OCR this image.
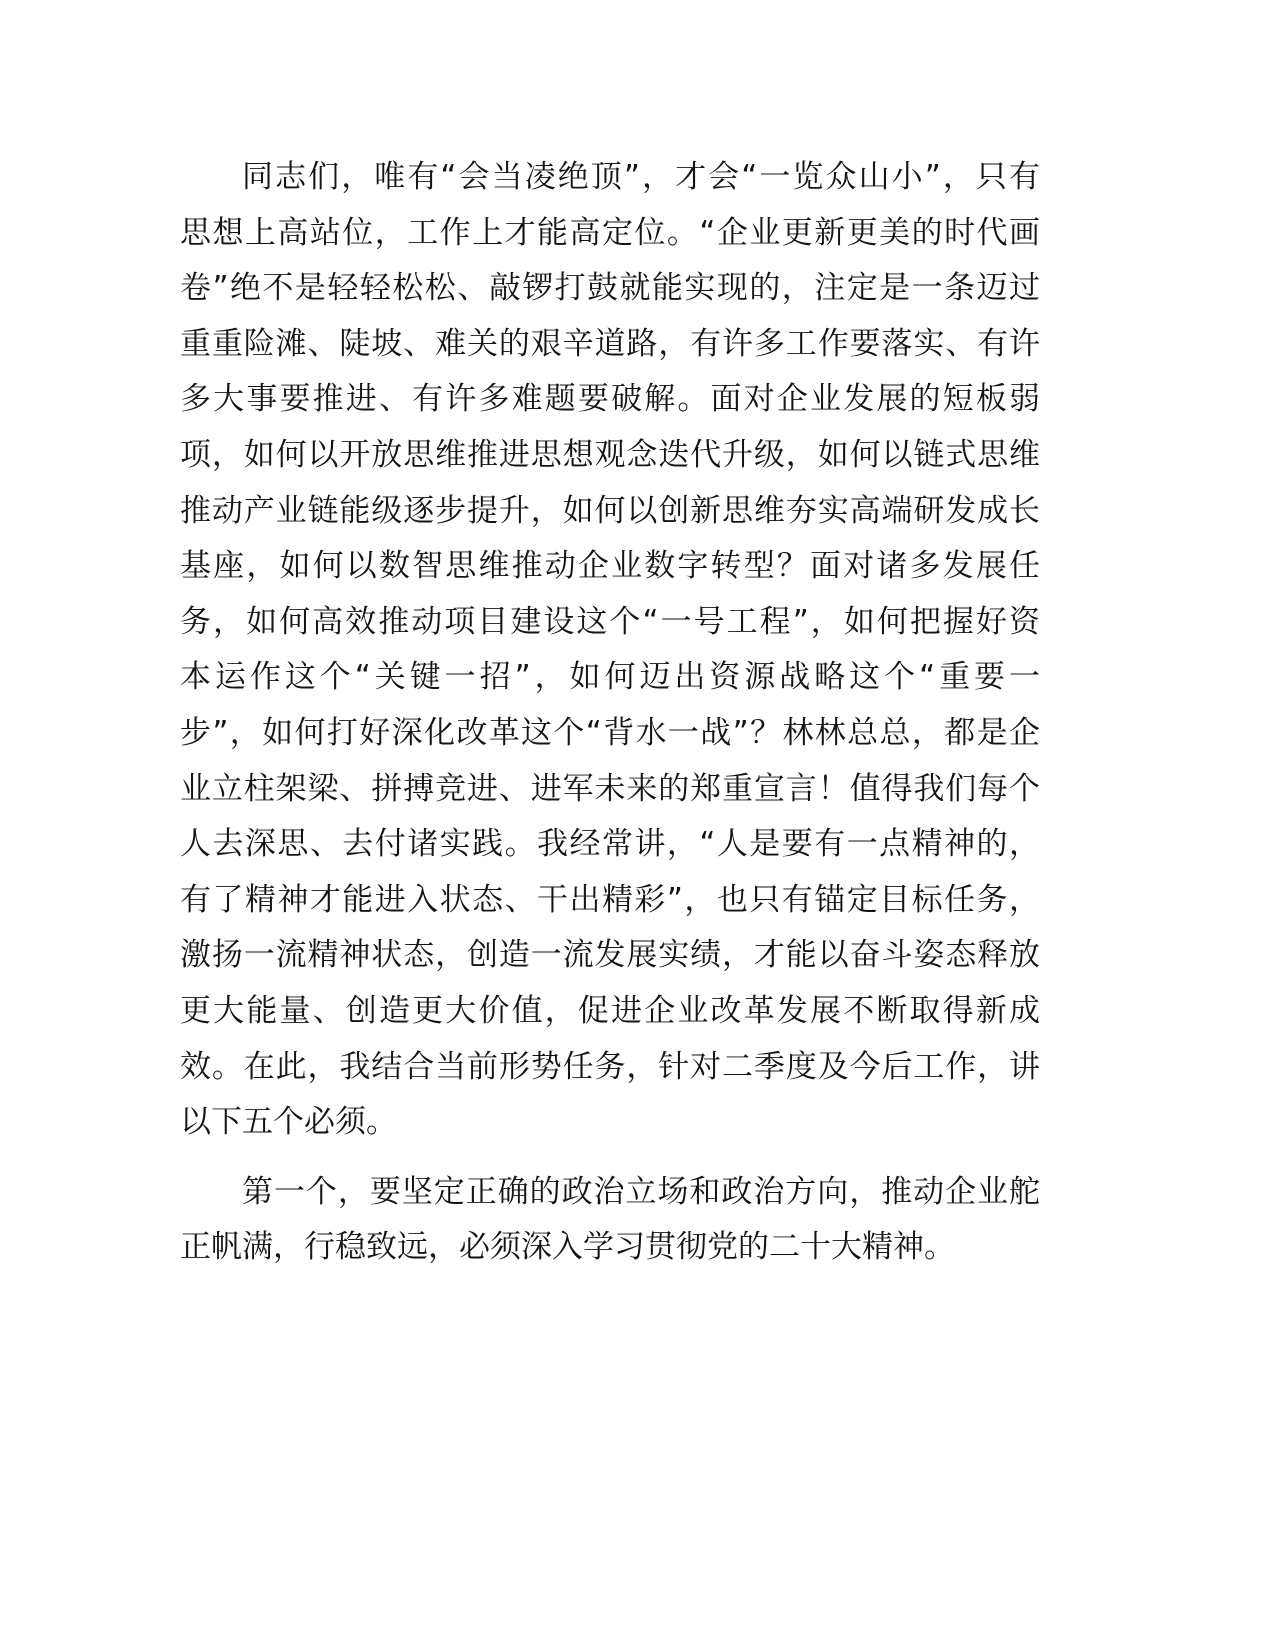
同志们，唯有“会当凌绝顶”，才会“一览众山小”，只有
思想上高站位，工作上才能高定位。“企业更新更美的时代画
卷”绝不是轻轻松松、敲锣打鼓就能实现的，注定是一条迈过
重重险滩、陡坡、难关的艰辛道路，有许多工作要落实、有许
多大事要推进、有许多难题要破解。面对企业发展的短板弱
项，如何以开放思维推进思想观念迭代升级，如何以链式思维
推动产业链能级逐步提升，如何以创新思维夯实高端研发成长
基座，如何以数智思维推动企业数字转型？面对诸多发展任
务，如何高效推动项目建设这个“一号工程”，如何把握好资
本运作这个“关键一招”，如何迈出资源战略这个“重要一
步”，如何打好深化改革这个“背水一战”？林林总总，都是企
业立柱架梁、拼搏竞进、进军未来的郑重宣言！值得我们每个
人去深思、去付诸实践。我经常讲，“人是要有一点精神的，
有了精神才能进入状态、干出精彩”，也只有锚定目标任务，
激扬一流精神状态，创造一流发展实绩，才能以奋斗姿态释放
更大能量、创造更大价值，促进企业改革发展不断取得新成
效。在此，我结合当前形势任务，针对二季度及今后工作，讲
以下五个必须。
第一个，要坚定正确的政治立场和政治方向，推动企业舵
正帆满，行稳致远，必须深入学习贯彻党的二十大精神。
